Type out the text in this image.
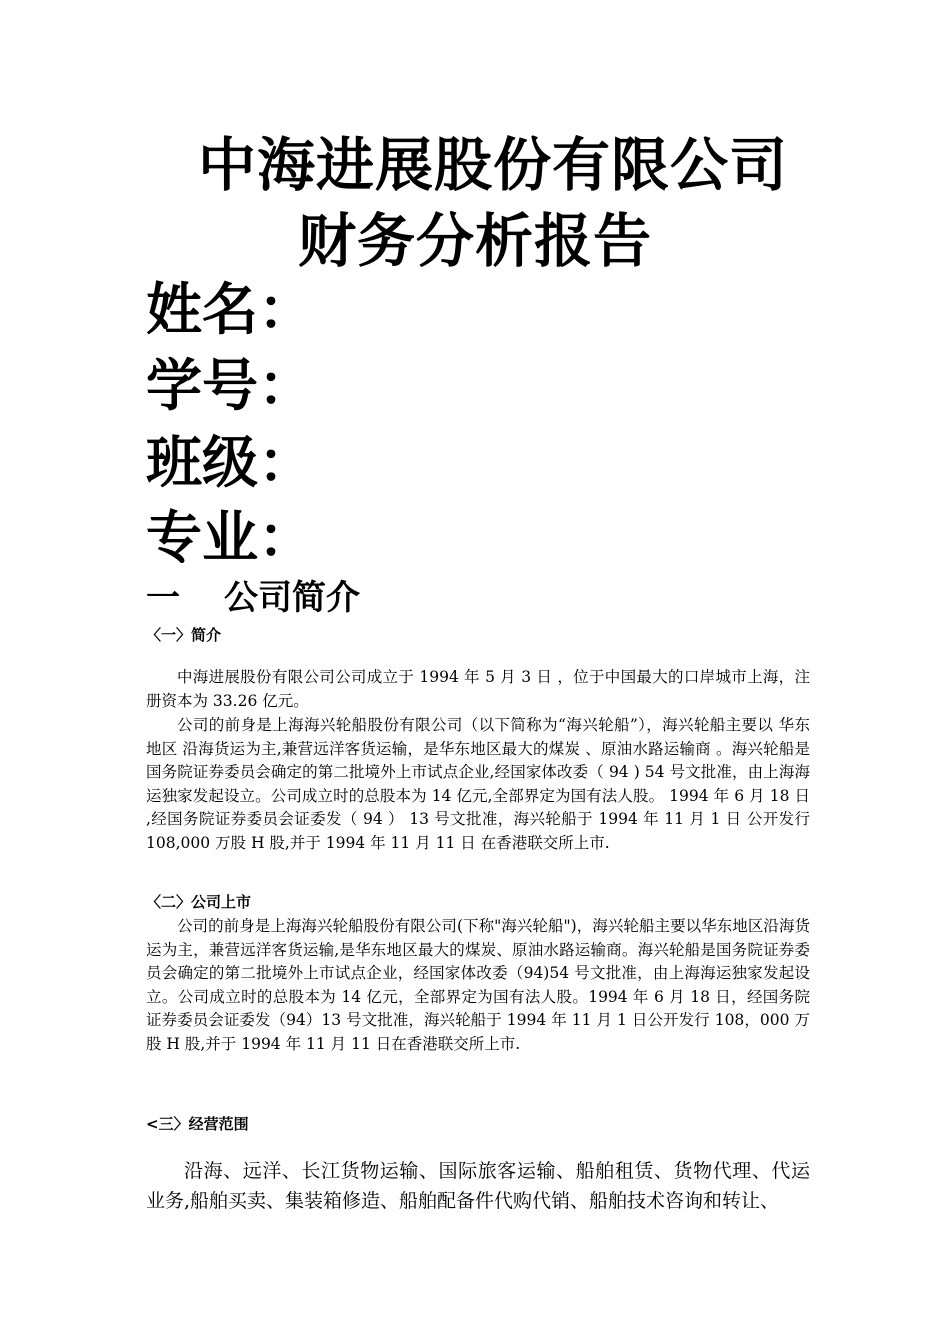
中海进展股份有限公司
财务分析报告
姓名：
学号：
班级：
专业：
一 公司简介
〈一〉简介

中海进展股份有限公司公司成立于 1994 年 5 月 3 日 ，位于中国最大的口岸城市上海，注册资本为 33.26 亿元。

公司的前身是上海海兴轮船股份有限公司（以下简称为“海兴轮船”），海兴轮船主要以 华东地区 沿海货运为主,兼营远洋客货运输，是华东地区最大的煤炭 、原油水路运输商 。海兴轮船是国务院证券委员会确定的第二批境外上市试点企业,经国家体改委（ 94 ) 54 号文批准，由上海海运独家发起设立。公司成立时的总股本为 14 亿元,全部界定为国有法人股。 1994 年 6 月 18 日 ,经国务院证券委员会证委发（ 94 ） 13 号文批准，海兴轮船于 1994 年 11 月 1 日 公开发行 108,000 万股 H 股,并于 1994 年 11 月 11 日 在香港联交所上市.

〈二〉公司上市

公司的前身是上海海兴轮船股份有限公司(下称"海兴轮船")，海兴轮船主要以华东地区沿海货运为主，兼营远洋客货运输,是华东地区最大的煤炭、原油水路运输商。海兴轮船是国务院证券委员会确定的第二批境外上市试点企业，经国家体改委（94)54 号文批准，由上海海运独家发起设立。公司成立时的总股本为 14 亿元，全部界定为国有法人股。1994 年 6 月 18 日，经国务院证券委员会证委发（94）13 号文批准，海兴轮船于 1994 年 11 月 1 日公开发行 108，000 万股 H 股,并于 1994 年 11 月 11 日在香港联交所上市.

<三〉经营范围

沿海、远洋、长江货物运输、国际旅客运输、船舶租赁、货物代理、代运业务,船舶买卖、集装箱修造、船舶配备件代购代销、船舶技术咨询和转让、
